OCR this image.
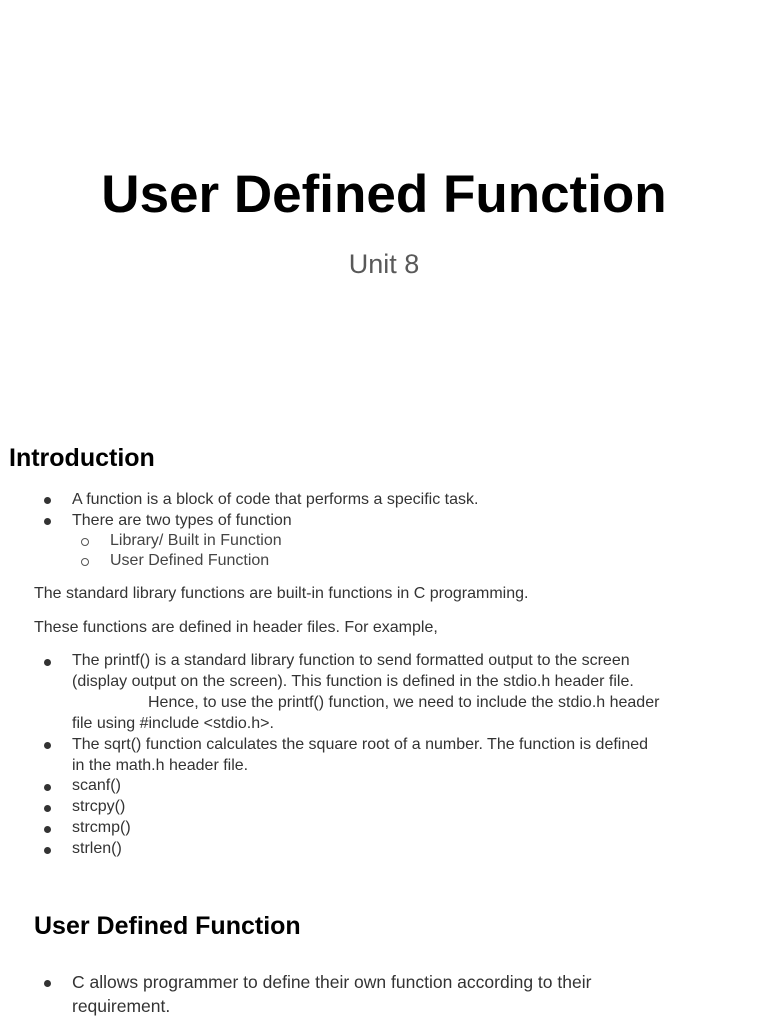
User Defined Function
Unit 8
Introduction

A function is a block of code that performs a specific task.

There are two types of function

Library/ Built in Function

User Defined Function

The standard library functions are built-in functions in C programming.

These functions are defined in header files. For example,

The printf() is a standard library function to send formatted output to the screen

(display output on the screen). This function is defined in the stdio.h header file.

Hence, to use the printf() function, we need to include the stdio.h header

file using #include <stdio.h>.

The sqrt() function calculates the square root of a number. The function is defined

in the math.h header file.

scanf()

strcpy()

strcmp()

strlen()

User Defined Function

C allows programmer to define their own function according to their

requirement.
